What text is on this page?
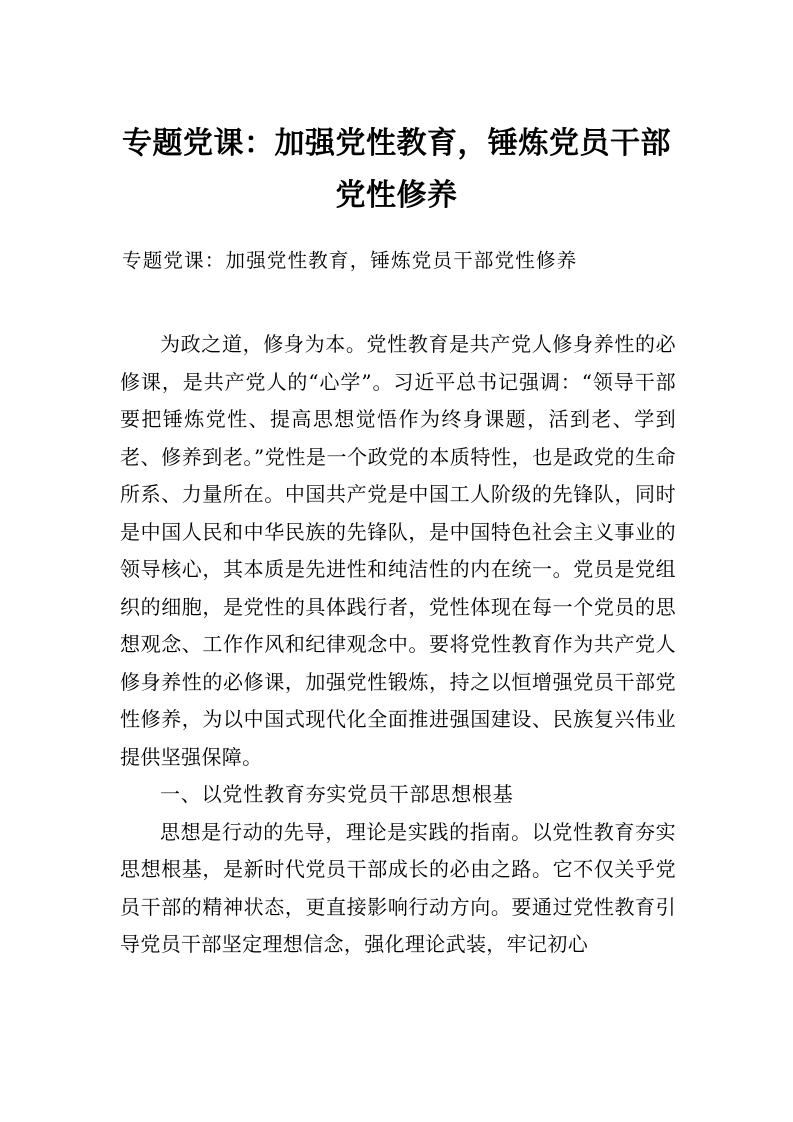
专题党课：加强党性教育，锤炼党员干部党性修养

专题党课：加强党性教育，锤炼党员干部党性修养

为政之道，修身为本。党性教育是共产党人修身养性的必修课，是共产党人的“心学”。习近平总书记强调：“领导干部要把锤炼党性、提高思想觉悟作为终身课题，活到老、学到老、修养到老。”党性是一个政党的本质特性，也是政党的生命所系、力量所在。中国共产党是中国工人阶级的先锋队，同时是中国人民和中华民族的先锋队，是中国特色社会主义事业的领导核心，其本质是先进性和纯洁性的内在统一。党员是党组织的细胞，是党性的具体践行者，党性体现在每一个党员的思想观念、工作作风和纪律观念中。要将党性教育作为共产党人修身养性的必修课，加强党性锻炼，持之以恒增强党员干部党性修养，为以中国式现代化全面推进强国建设、民族复兴伟业提供坚强保障。

一、以党性教育夯实党员干部思想根基

思想是行动的先导，理论是实践的指南。以党性教育夯实思想根基，是新时代党员干部成长的必由之路。它不仅关乎党员干部的精神状态，更直接影响行动方向。要通过党性教育引导党员干部坚定理想信念，强化理论武装，牢记初心
